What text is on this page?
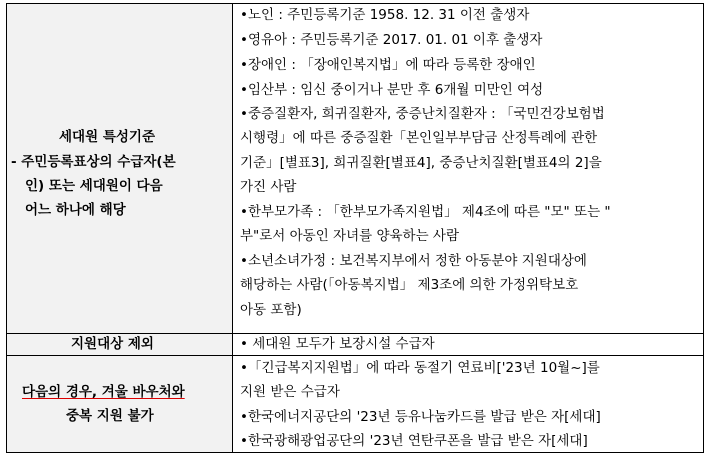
세대원 특성기준
- 주민등록표상의 수급자(본
인) 또는 세대원이 다음
어느 하나에 해당
•노인 : 주민등록기준 1958. 12. 31 이전 출생자
•영유아 : 주민등록기준 2017. 01. 01 이후 출생자
•장애인 : 「장애인복지법」에 따라 등록한 장애인
•임산부 : 임신 중이거나 분만 후 6개월 미만인 여성
•중증질환자, 희귀질환자, 중증난치질환자 : 「국민건강보험법
시행령」에 따른 중증질환「본인일부부담금 산정특례에 관한
기준」[별표3], 희귀질환[별표4], 중증난치질환[별표4의 2]을
가진 사람
•한부모가족 : 「한부모가족지원법」 제4조에 따른 "모" 또는 "
부"로서 아동인 자녀를 양육하는 사람
•소년소녀가정 : 보건복지부에서 정한 아동분야 지원대상에
해당하는 사람(「아동복지법」 제3조에 의한 가정위탁보호
아동 포함)
지원대상 제외	• 세대원 모두가 보장시설 수급자
다음의 경우, 겨울 바우처와
중복 지원 불가
•「긴급복지지원법」에 따라 동절기 연료비['23년 10월~]를
지원 받은 수급자
•한국에너지공단의 '23년 등유나눔카드를 발급 받은 자[세대]
•한국광해광업공단의 '23년 연탄쿠폰을 발급 받은 자[세대]
